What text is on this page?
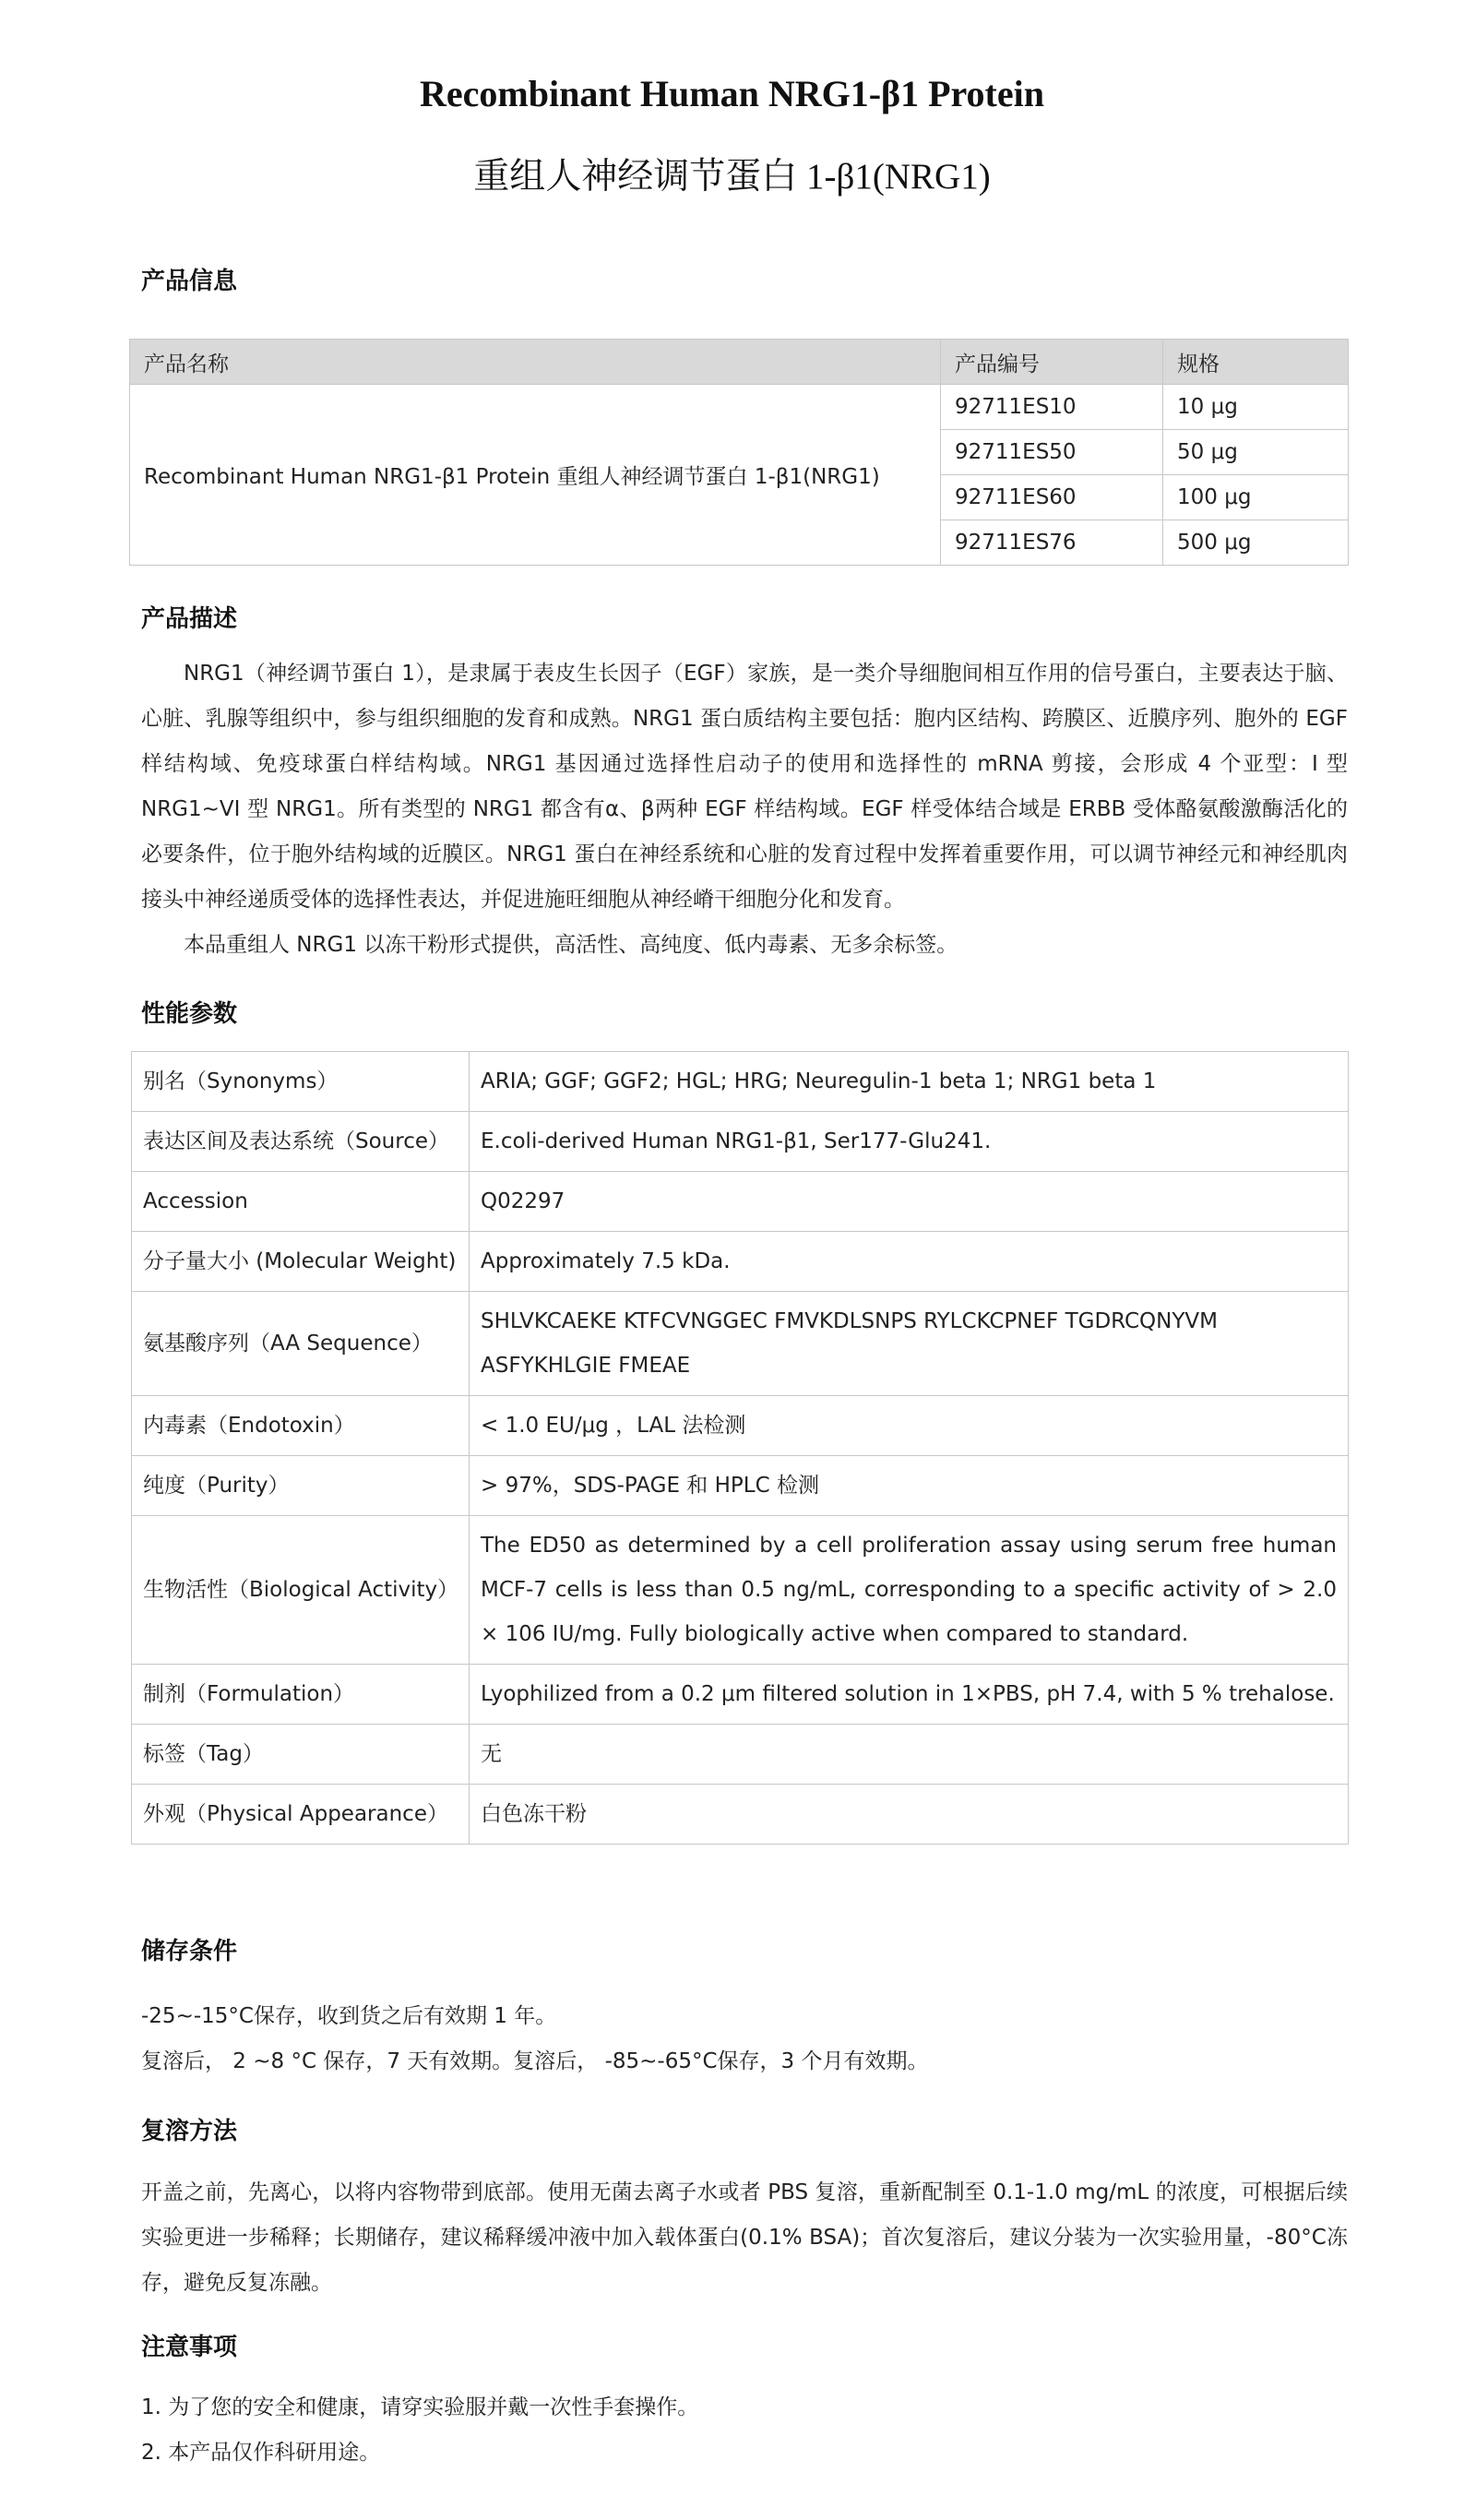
Recombinant Human NRG1-β1 Protein
重组人神经调节蛋白 1-β1(NRG1)
产品信息
产品名称	产品编号	规格
Recombinant Human NRG1-β1 Protein 重组人神经调节蛋白 1-β1(NRG1)	92711ES10	10 μg
	92711ES50	50 μg
	92711ES60	100 μg
	92711ES76	500 μg
产品描述

NRG1（神经调节蛋白 1），是隶属于表皮生长因子（EGF）家族，是一类介导细胞间相互作用的信号蛋白，主要表达于脑、心脏、乳腺等组织中，参与组织细胞的发育和成熟。NRG1 蛋白质结构主要包括：胞内区结构、跨膜区、近膜序列、胞外的 EGF 样结构域、免疫球蛋白样结构域。NRG1 基因通过选择性启动子的使用和选择性的 mRNA 剪接，会形成 4 个亚型：I 型 NRG1~VI 型 NRG1。所有类型的 NRG1 都含有α、β两种 EGF 样结构域。EGF 样受体结合域是 ERBB 受体酪氨酸激酶活化的必要条件，位于胞外结构域的近膜区。NRG1 蛋白在神经系统和心脏的发育过程中发挥着重要作用，可以调节神经元和神经肌肉接头中神经递质受体的选择性表达，并促进施旺细胞从神经嵴干细胞分化和发育。

本品重组人 NRG1 以冻干粉形式提供，高活性、高纯度、低内毒素、无多余标签。

性能参数
别名（Synonyms）	ARIA; GGF; GGF2; HGL; HRG; Neuregulin-1 beta 1; NRG1 beta 1
表达区间及表达系统（Source）	E.coli-derived Human NRG1-β1, Ser177-Glu241.
Accession	Q02297
分子量大小 (Molecular Weight)	Approximately 7.5 kDa.
氨基酸序列（AA Sequence）	SHLVKCAEKE KTFCVNGGEC FMVKDLSNPS RYLCKCPNEF TGDRCQNYVM ASFYKHLGIE FMEAE
内毒素（Endotoxin）	< 1.0 EU/μg ，LAL 法检测
纯度（Purity）	> 97%，SDS-PAGE 和 HPLC 检测
生物活性（Biological Activity）	The ED50 as determined by a cell proliferation assay using serum free human MCF-7 cells is less than 0.5 ng/mL, corresponding to a specific activity of > 2.0 × 106 IU/mg. Fully biologically active when compared to standard.
制剂（Formulation）	Lyophilized from a 0.2 μm filtered solution in 1×PBS, pH 7.4, with 5 % trehalose.
标签（Tag）	无
外观（Physical Appearance）	白色冻干粉
储存条件

-25~-15°C保存，收到货之后有效期 1 年。

复溶后， 2 ~8 °C 保存，7 天有效期。复溶后， -85~-65°C保存，3 个月有效期。

复溶方法

开盖之前，先离心，以将内容物带到底部。使用无菌去离子水或者 PBS 复溶，重新配制至 0.1-1.0 mg/mL 的浓度，可根据后续实验更进一步稀释；长期储存，建议稀释缓冲液中加入载体蛋白(0.1% BSA)；首次复溶后，建议分装为一次实验用量，-80°C冻存，避免反复冻融。

注意事项

1. 为了您的安全和健康，请穿实验服并戴一次性手套操作。

2. 本产品仅作科研用途。
